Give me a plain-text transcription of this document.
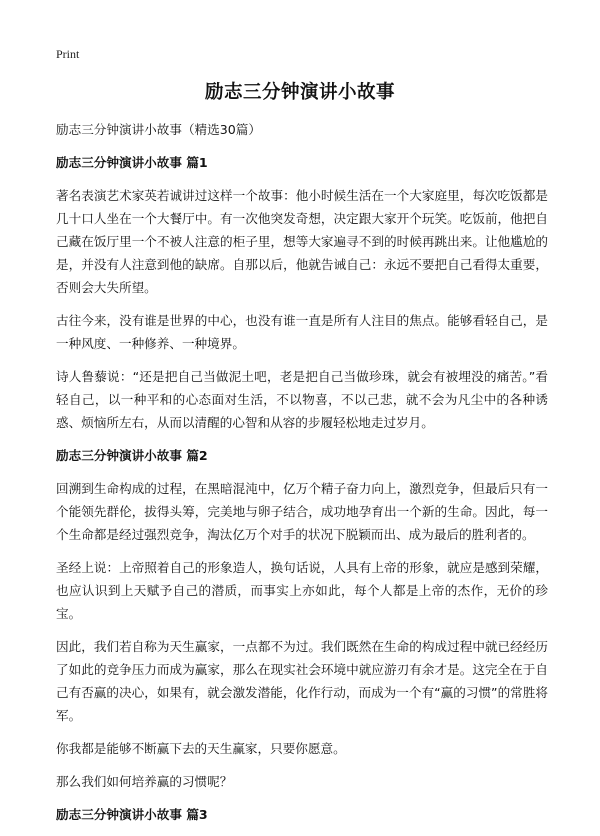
Print
励志三分钟演讲小故事

励志三分钟演讲小故事（精选30篇）

励志三分钟演讲小故事 篇1

著名表演艺术家英若诚讲过这样一个故事：他小时候生活在一个大家庭里，每次吃饭都是几十口人坐在一个大餐厅中。有一次他突发奇想，决定跟大家开个玩笑。吃饭前，他把自己藏在饭厅里一个不被人注意的柜子里，想等大家遍寻不到的时候再跳出来。让他尴尬的是，并没有人注意到他的缺席。自那以后，他就告诫自己：永远不要把自己看得太重要，否则会大失所望。

古往今来，没有谁是世界的中心，也没有谁一直是所有人注目的焦点。能够看轻自己，是一种风度、一种修养、一种境界。

诗人鲁藜说：“还是把自己当做泥土吧，老是把自己当做珍珠，就会有被埋没的痛苦。”看轻自己，以一种平和的心态面对生活，不以物喜，不以己悲，就不会为凡尘中的各种诱惑、烦恼所左右，从而以清醒的心智和从容的步履轻松地走过岁月。

励志三分钟演讲小故事 篇2

回溯到生命构成的过程，在黑暗混沌中，亿万个精子奋力向上，激烈竞争，但最后只有一个能领先群伦，拔得头筹，完美地与卵子结合，成功地孕育出一个新的生命。因此，每一个生命都是经过强烈竞争，淘汰亿万个对手的状况下脱颖而出、成为最后的胜利者的。

圣经上说：上帝照着自己的形象造人，换句话说，人具有上帝的形象，就应是感到荣耀，也应认识到上天赋予自己的潜质，而事实上亦如此，每个人都是上帝的杰作，无价的珍宝。

因此，我们若自称为天生赢家，一点都不为过。我们既然在生命的构成过程中就已经经历了如此的竞争压力而成为赢家，那么在现实社会环境中就应游刃有余才是。这完全在于自己有否赢的决心，如果有，就会激发潜能，化作行动，而成为一个有“赢的习惯”的常胜将军。

你我都是能够不断赢下去的天生赢家，只要你愿意。

那么我们如何培养赢的习惯呢？

励志三分钟演讲小故事 篇3
